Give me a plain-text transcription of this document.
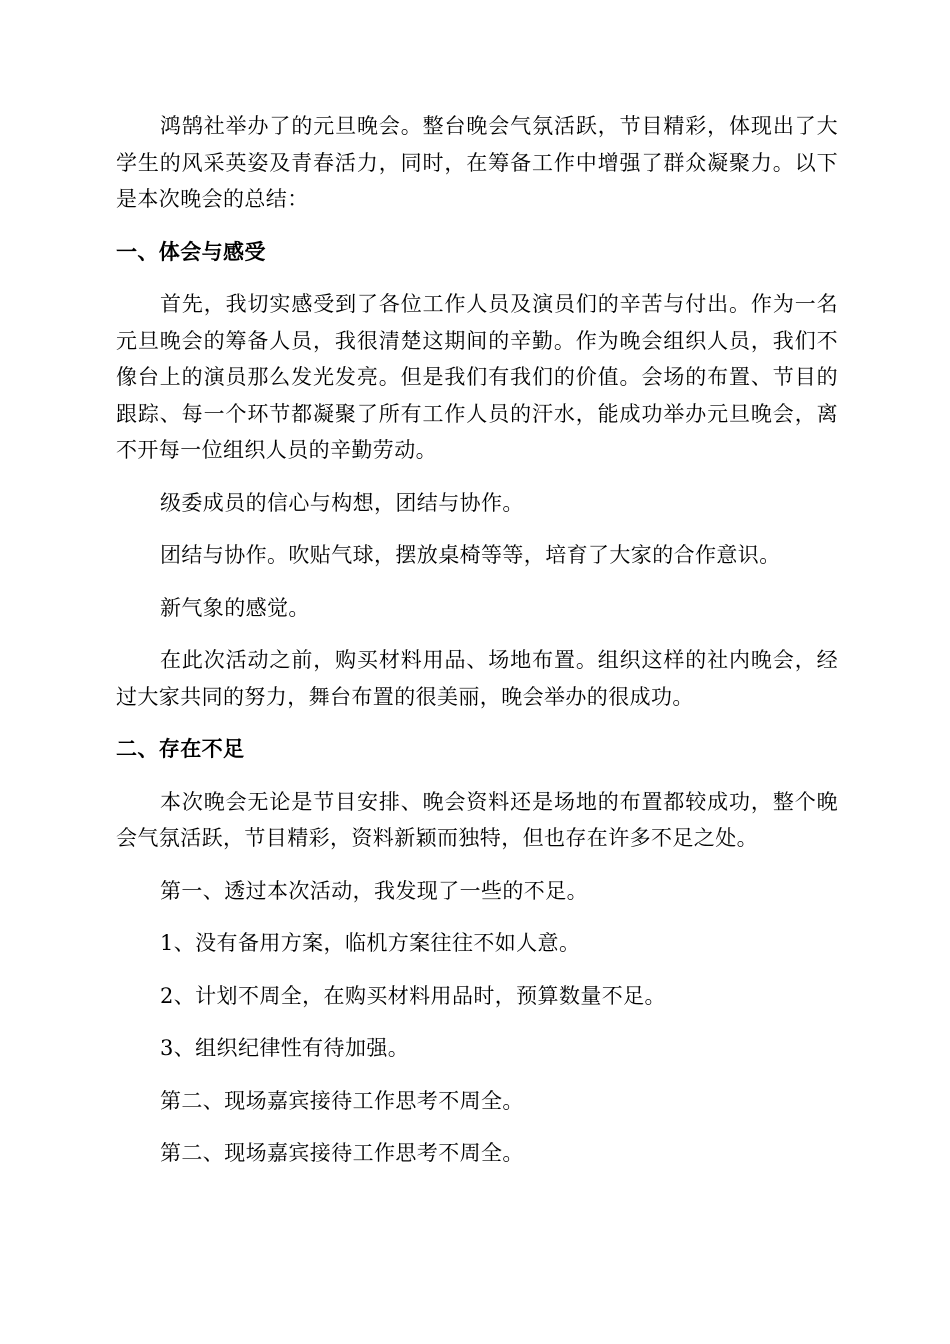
鸿鹄社举办了的元旦晚会。整台晚会气氛活跃，节目精彩，体现出了大学生的风采英姿及青春活力，同时，在筹备工作中增强了群众凝聚力。以下是本次晚会的总结：

一、体会与感受

首先，我切实感受到了各位工作人员及演员们的辛苦与付出。作为一名元旦晚会的筹备人员，我很清楚这期间的辛勤。作为晚会组织人员，我们不像台上的演员那么发光发亮。但是我们有我们的价值。会场的布置、节目的跟踪、每一个环节都凝聚了所有工作人员的汗水，能成功举办元旦晚会，离不开每一位组织人员的辛勤劳动。

级委成员的信心与构想，团结与协作。

团结与协作。吹贴气球，摆放桌椅等等，培育了大家的合作意识。

新气象的感觉。

在此次活动之前，购买材料用品、场地布置。组织这样的社内晚会，经过大家共同的努力，舞台布置的很美丽，晚会举办的很成功。

二、存在不足

本次晚会无论是节目安排、晚会资料还是场地的布置都较成功，整个晚会气氛活跃，节目精彩，资料新颖而独特，但也存在许多不足之处。

第一、透过本次活动，我发现了一些的不足。

1、没有备用方案，临机方案往往不如人意。

2、计划不周全，在购买材料用品时，预算数量不足。

3、组织纪律性有待加强。

第二、现场嘉宾接待工作思考不周全。

第二、现场嘉宾接待工作思考不周全。
